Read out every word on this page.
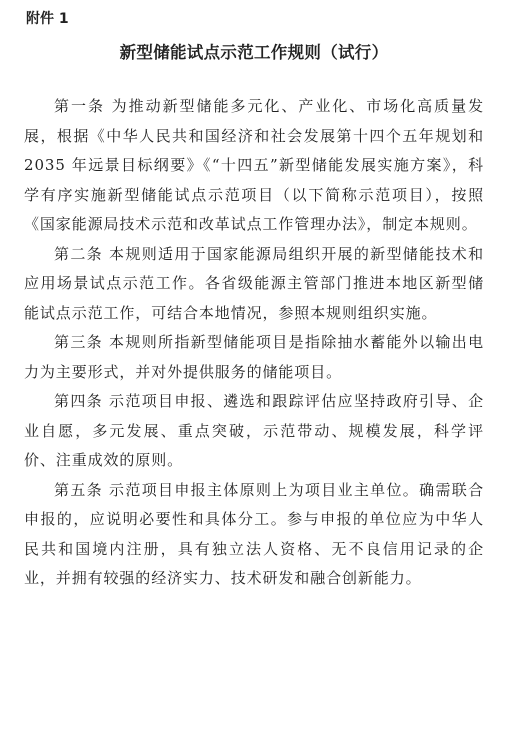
附件 1
新型储能试点示范工作规则（试行）

第一条 为推动新型储能多元化、产业化、市场化高质量发展，根据《中华人民共和国经济和社会发展第十四个五年规划和 2035 年远景目标纲要》《“十四五”新型储能发展实施方案》，科学有序实施新型储能试点示范项目（以下简称示范项目），按照《国家能源局技术示范和改革试点工作管理办法》，制定本规则。

第二条 本规则适用于国家能源局组织开展的新型储能技术和应用场景试点示范工作。各省级能源主管部门推进本地区新型储能试点示范工作，可结合本地情况，参照本规则组织实施。

第三条 本规则所指新型储能项目是指除抽水蓄能外以输出电力为主要形式，并对外提供服务的储能项目。

第四条 示范项目申报、遴选和跟踪评估应坚持政府引导、企业自愿，多元发展、重点突破，示范带动、规模发展，科学评价、注重成效的原则。

第五条 示范项目申报主体原则上为项目业主单位。确需联合申报的，应说明必要性和具体分工。参与申报的单位应为中华人民共和国境内注册，具有独立法人资格、无不良信用记录的企业，并拥有较强的经济实力、技术研发和融合创新能力。
